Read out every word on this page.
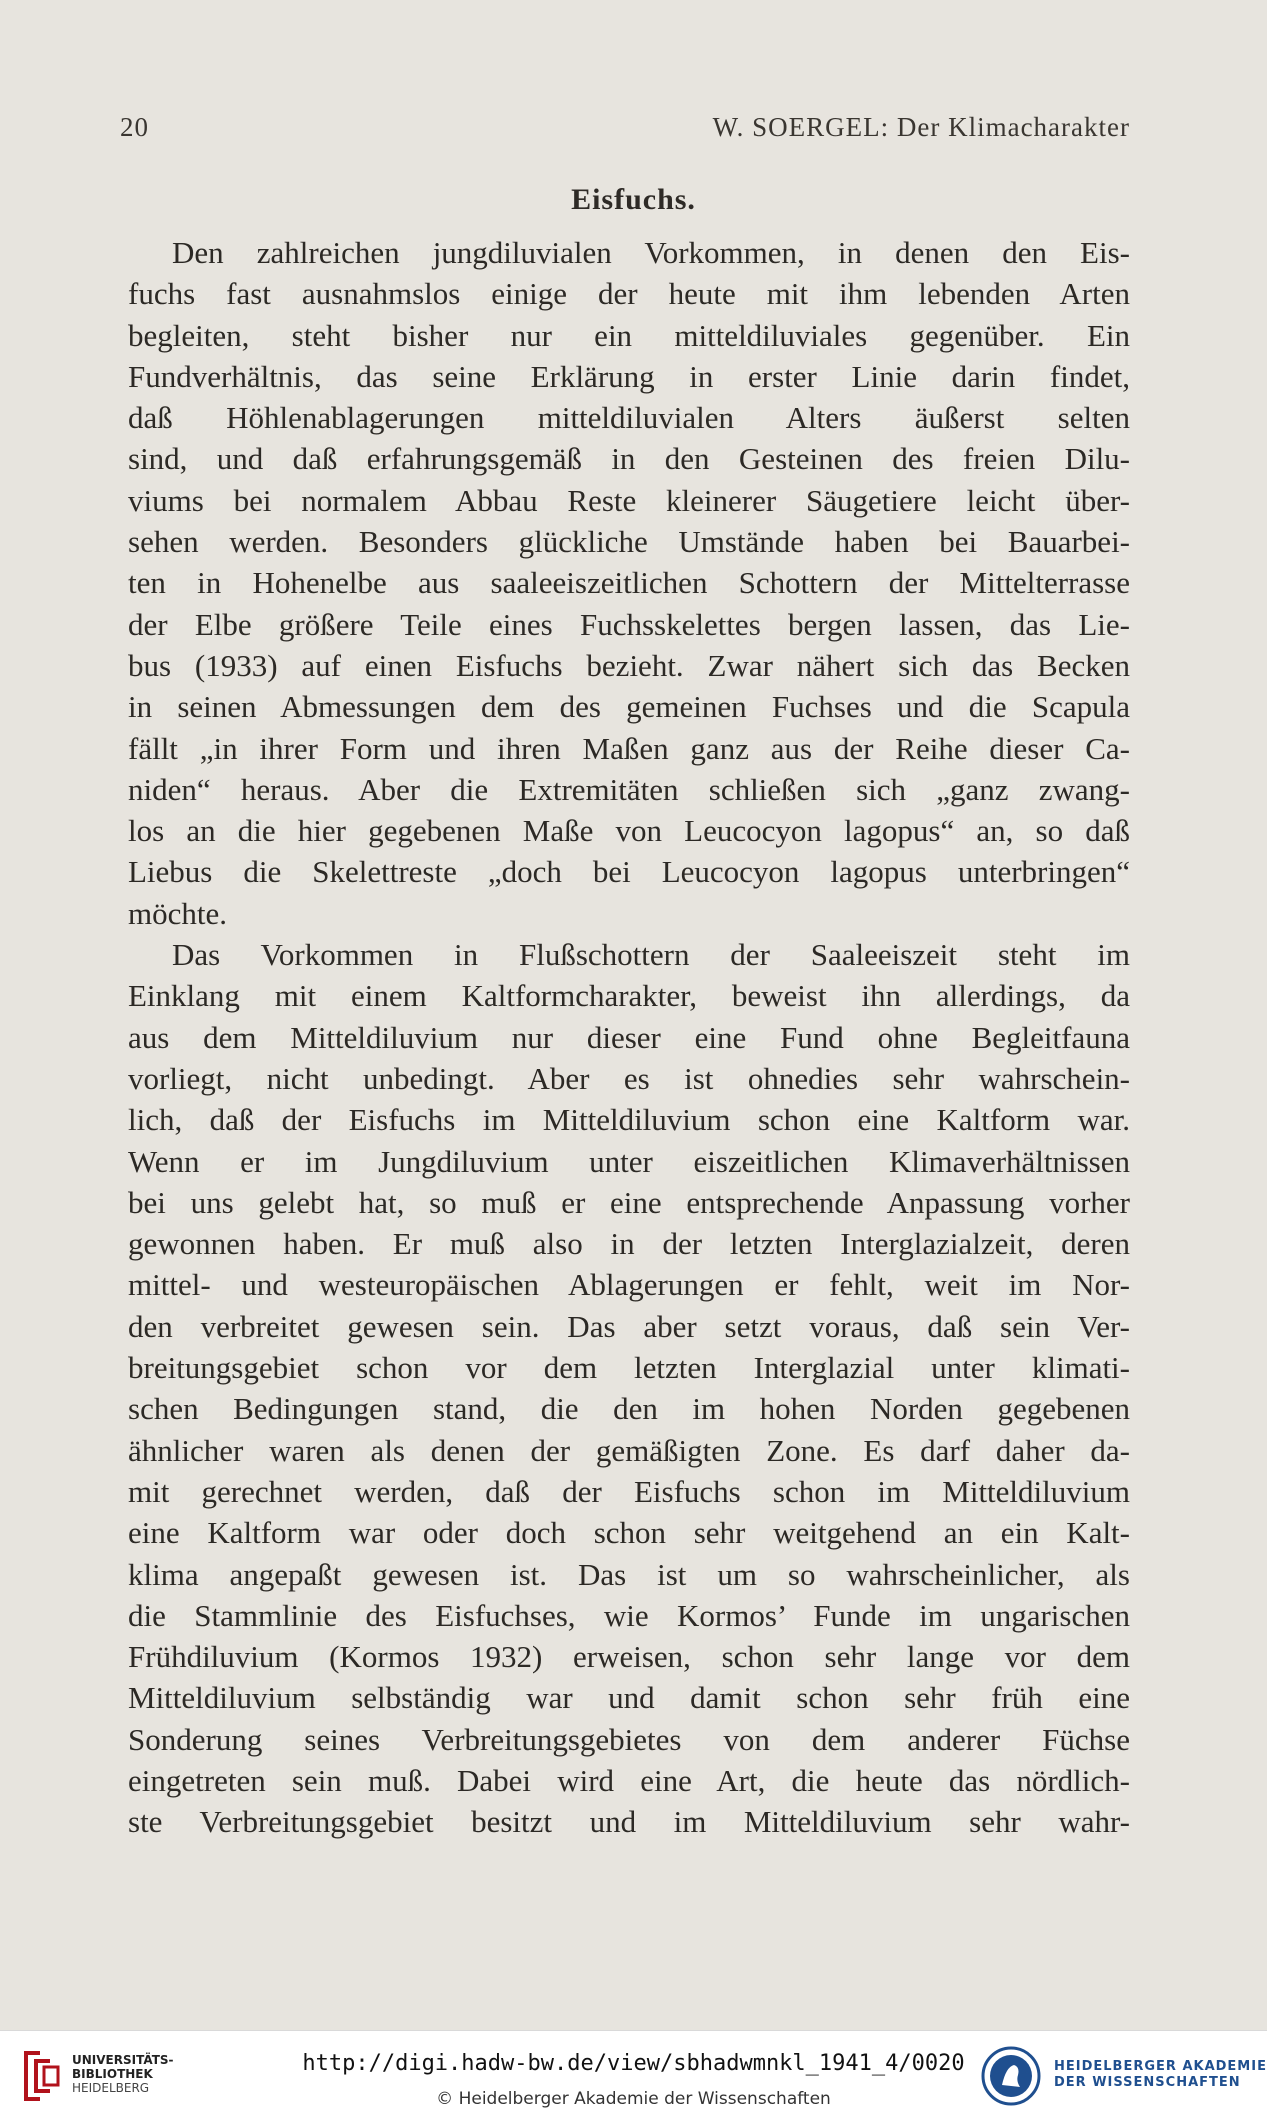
20	W. SOERGEL: Der Klimacharakter
Eisfuchs.
Den zahlreichen jungdiluvialen Vorkommen, in denen den Eis-
fuchs fast ausnahmslos einige der heute mit ihm lebenden Arten
begleiten, steht bisher nur ein mitteldiluviales gegenüber. Ein
Fundverhältnis, das seine Erklärung in erster Linie darin findet,
daß Höhlenablagerungen mitteldiluvialen Alters äußerst selten
sind, und daß erfahrungsgemäß in den Gesteinen des freien Dilu-
viums bei normalem Abbau Reste kleinerer Säugetiere leicht über-
sehen werden. Besonders glückliche Umstände haben bei Bauarbei-
ten in Hohenelbe aus saaleeiszeitlichen Schottern der Mittelterrasse
der Elbe größere Teile eines Fuchsskelettes bergen lassen, das Lie-
bus (1933) auf einen Eisfuchs bezieht. Zwar nähert sich das Becken
in seinen Abmessungen dem des gemeinen Fuchses und die Scapula
fällt „in ihrer Form und ihren Maßen ganz aus der Reihe dieser Ca-
niden“ heraus. Aber die Extremitäten schließen sich „ganz zwang-
los an die hier gegebenen Maße von Leucocyon lagopus“ an, so daß
Liebus die Skelettreste „doch bei Leucocyon lagopus unterbringen“
möchte.
Das Vorkommen in Flußschottern der Saaleeiszeit steht im
Einklang mit einem Kaltformcharakter, beweist ihn allerdings, da
aus dem Mitteldiluvium nur dieser eine Fund ohne Begleitfauna
vorliegt, nicht unbedingt. Aber es ist ohnedies sehr wahrschein-
lich, daß der Eisfuchs im Mitteldiluvium schon eine Kaltform war.
Wenn er im Jungdiluvium unter eiszeitlichen Klimaverhältnissen
bei uns gelebt hat, so muß er eine entsprechende Anpassung vorher
gewonnen haben. Er muß also in der letzten Interglazialzeit, deren
mittel- und westeuropäischen Ablagerungen er fehlt, weit im Nor-
den verbreitet gewesen sein. Das aber setzt voraus, daß sein Ver-
breitungsgebiet schon vor dem letzten Interglazial unter klimati-
schen Bedingungen stand, die den im hohen Norden gegebenen
ähnlicher waren als denen der gemäßigten Zone. Es darf daher da-
mit gerechnet werden, daß der Eisfuchs schon im Mitteldiluvium
eine Kaltform war oder doch schon sehr weitgehend an ein Kalt-
klima angepaßt gewesen ist. Das ist um so wahrscheinlicher, als
die Stammlinie des Eisfuchses, wie Kormos’ Funde im ungarischen
Frühdiluvium (Kormos 1932) erweisen, schon sehr lange vor dem
Mitteldiluvium selbständig war und damit schon sehr früh eine
Sonderung seines Verbreitungsgebietes von dem anderer Füchse
eingetreten sein muß. Dabei wird eine Art, die heute das nördlich-
ste Verbreitungsgebiet besitzt und im Mitteldiluvium sehr wahr-
UNIVERSITÄTS-
BIBLIOTHEK
HEIDELBERG
http://digi.hadw-bw.de/view/sbhadwmnkl_1941_4/0020
© Heidelberger Akademie der Wissenschaften
HEIDELBERGER AKADEMIE
DER WISSENSCHAFTEN
